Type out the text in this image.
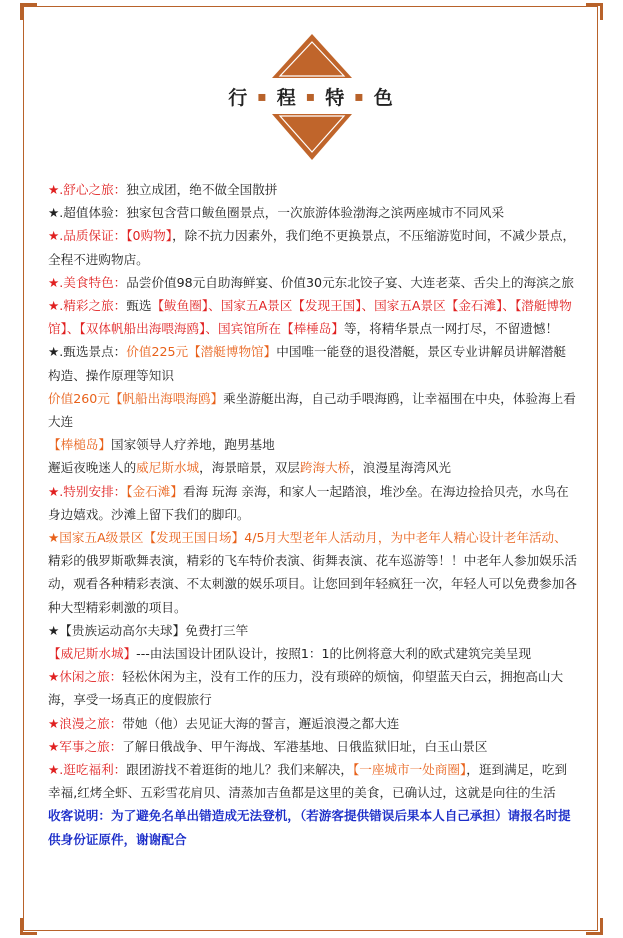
行 ▪ 程 ▪ 特 ▪ 色

★.舒心之旅：独立成团，绝不做全国散拼

★.超值体验：独家包含营口鲅鱼圈景点，一次旅游体验渤海之滨两座城市不同风采

★.品质保证：【0购物】，除不抗力因素外，我们绝不更换景点，不压缩游览时间，不减少景点，全程不进购物店。

★.美食特色：品尝价值98元自助海鲜宴、价值30元东北饺子宴、大连老菜、舌尖上的海滨之旅

★.精彩之旅：甄选【鲅鱼圈】、国家五A景区【发现王国】、国家五A景区【金石滩】、【潜艇博物馆】、【双体帆船出海喂海鸥】、国宾馆所在【棒棰岛】等，将精华景点一网打尽，不留遗憾！

★.甄选景点：价值225元【潜艇博物馆】中国唯一能登的退役潜艇，景区专业讲解员讲解潜艇构造、操作原理等知识

价值260元【帆船出海喂海鸥】乘坐游艇出海，自己动手喂海鸥，让幸福围在中央，体验海上看大连

【棒槌岛】国家领导人疗养地，跑男基地

邂逅夜晚迷人的威尼斯水城，海景暗景，双层跨海大桥，浪漫星海湾风光

★.特别安排：【金石滩】看海 玩海 亲海，和家人一起踏浪，堆沙垒。在海边捡拾贝壳，水鸟在身边嬉戏。沙滩上留下我们的脚印。

★国家五A级景区【发现王国日场】4/5月大型老年人活动月，为中老年人精心设计老年活动、精彩的俄罗斯歌舞表演，精彩的飞车特价表演、街舞表演、花车巡游等！！中老年人参加娱乐活动，观看各种精彩表演、不太刺激的娱乐项目。让您回到年轻疯狂一次，年轻人可以免费参加各种大型精彩刺激的项目。

★【贵族运动高尔夫球】免费打三竿

【威尼斯水城】---由法国设计团队设计，按照1：1的比例将意大利的欧式建筑完美呈现

★休闲之旅：轻松休闲为主，没有工作的压力，没有琐碎的烦恼，仰望蓝天白云，拥抱高山大海，享受一场真正的度假旅行

★浪漫之旅：带她（他）去见证大海的誓言，邂逅浪漫之都大连

★军事之旅：了解日俄战争、甲午海战、军港基地、日俄监狱旧址，白玉山景区

★.逛吃福利：跟团游找不着逛街的地儿？我们来解决，【一座城市一处商圈】，逛到满足，吃到幸福,红烤全虾、五彩雪花肩贝、清蒸加吉鱼都是这里的美食，已确认过，这就是向往的生活

收客说明：为了避免名单出错造成无法登机，（若游客提供错误后果本人自己承担）请报名时提供身份证原件，谢谢配合
